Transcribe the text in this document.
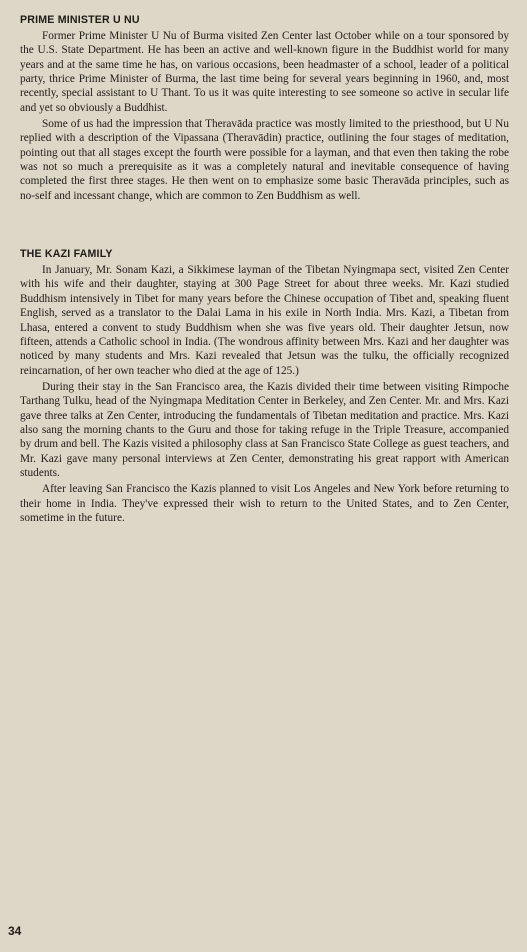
PRIME MINISTER U NU

Former Prime Minister U Nu of Burma visited Zen Center last October while on a tour sponsored by the U.S. State Department. He has been an active and well-known figure in the Buddhist world for many years and at the same time he has, on various occasions, been headmaster of a school, leader of a political party, thrice Prime Minister of Burma, the last time being for several years beginning in 1960, and, most recently, special assistant to U Thant. To us it was quite interesting to see someone so active in secular life and yet so obviously a Buddhist.

Some of us had the impression that Theravāda practice was mostly limited to the priesthood, but U Nu replied with a description of the Vipassana (Theravādin) practice, outlining the four stages of meditation, pointing out that all stages except the fourth were possible for a layman, and that even then taking the robe was not so much a prerequisite as it was a completely natural and inevitable consequence of having completed the first three stages. He then went on to emphasize some basic Theravāda principles, such as no-self and incessant change, which are common to Zen Buddhism as well.

THE KAZI FAMILY

In January, Mr. Sonam Kazi, a Sikkimese layman of the Tibetan Nyingmapa sect, visited Zen Center with his wife and their daughter, staying at 300 Page Street for about three weeks. Mr. Kazi studied Buddhism intensively in Tibet for many years before the Chinese occupation of Tibet and, speaking fluent English, served as a translator to the Dalai Lama in his exile in North India. Mrs. Kazi, a Tibetan from Lhasa, entered a convent to study Buddhism when she was five years old. Their daughter Jetsun, now fifteen, attends a Catholic school in India. (The wondrous affinity between Mrs. Kazi and her daughter was noticed by many students and Mrs. Kazi revealed that Jetsun was the tulku, the officially recognized reincarnation, of her own teacher who died at the age of 125.)

During their stay in the San Francisco area, the Kazis divided their time between visiting Rimpoche Tarthang Tulku, head of the Nyingmapa Meditation Center in Berkeley, and Zen Center. Mr. and Mrs. Kazi gave three talks at Zen Center, introducing the fundamentals of Tibetan meditation and practice. Mrs. Kazi also sang the morning chants to the Guru and those for taking refuge in the Triple Treasure, accompanied by drum and bell. The Kazis visited a philosophy class at San Francisco State College as guest teachers, and Mr. Kazi gave many personal interviews at Zen Center, demonstrating his great rapport with American students.

After leaving San Francisco the Kazis planned to visit Los Angeles and New York before returning to their home in India. They've expressed their wish to return to the United States, and to Zen Center, sometime in the future.

34
